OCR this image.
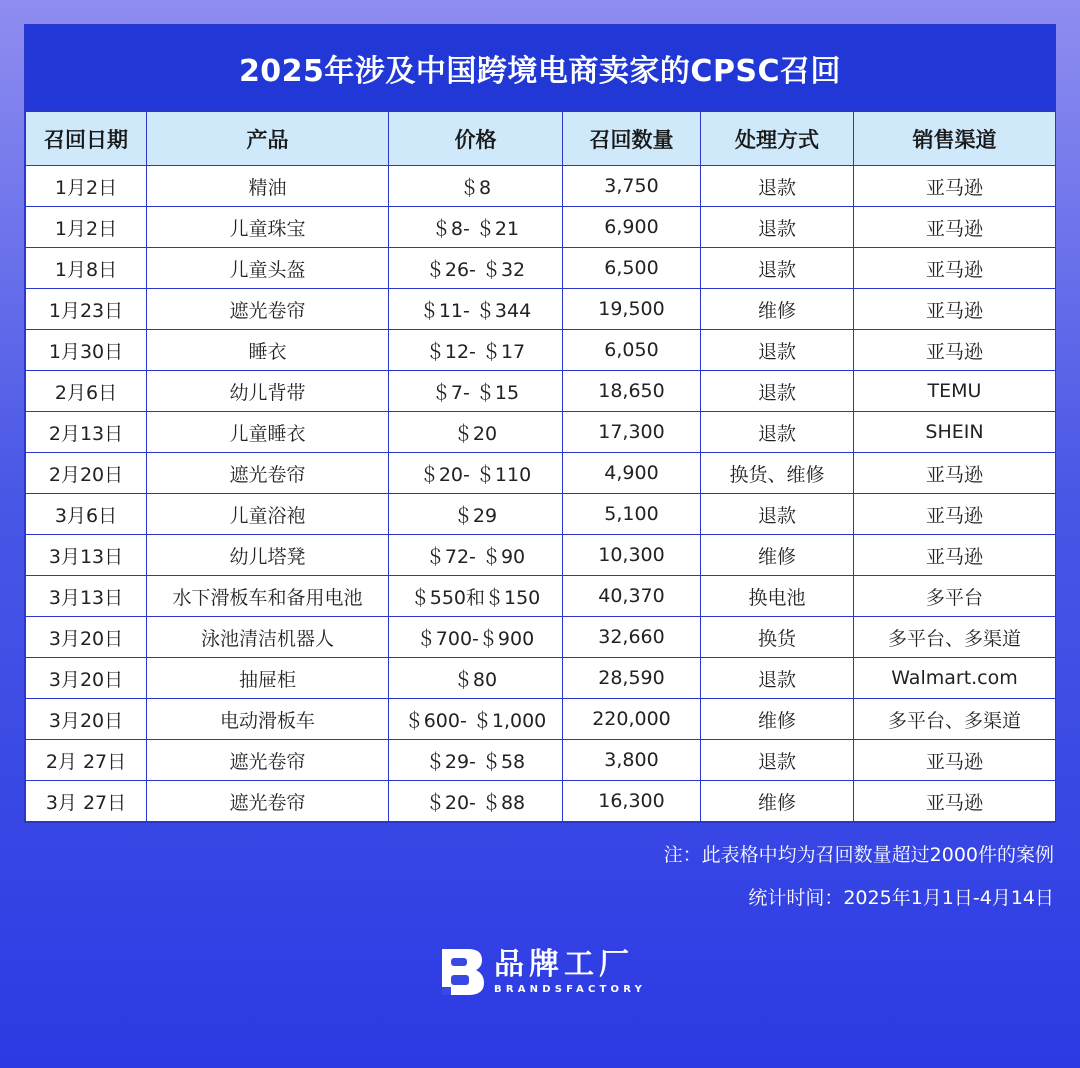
2025年涉及中国跨境电商卖家的CPSC召回
召回日期	产品	价格	召回数量	处理方式	销售渠道
1月2日	精油	＄8	3,750	退款	亚马逊
1月2日	儿童珠宝	＄8- ＄21	6,900	退款	亚马逊
1月8日	儿童头盔	＄26- ＄32	6,500	退款	亚马逊
1月23日	遮光卷帘	＄11- ＄344	19,500	维修	亚马逊
1月30日	睡衣	＄12- ＄17	6,050	退款	亚马逊
2月6日	幼儿背带	＄7- ＄15	18,650	退款	TEMU
2月13日	儿童睡衣	＄20	17,300	退款	SHEIN
2月20日	遮光卷帘	＄20- ＄110	4,900	换货、维修	亚马逊
3月6日	儿童浴袍	＄29	5,100	退款	亚马逊
3月13日	幼儿塔凳	＄72- ＄90	10,300	维修	亚马逊
3月13日	水下滑板车和备用电池	＄550和＄150	40,370	换电池	多平台
3月20日	泳池清洁机器人	＄700-＄900	32,660	换货	多平台、多渠道
3月20日	抽屉柜	＄80	28,590	退款	Walmart.com
3月20日	电动滑板车	＄600- ＄1,000	220,000	维修	多平台、多渠道
2月 27日	遮光卷帘	＄29- ＄58	3,800	退款	亚马逊
3月 27日	遮光卷帘	＄20- ＄88	16,300	维修	亚马逊
注：此表格中均为召回数量超过2000件的案例
统计时间：2025年1月1日-4月14日
品牌工厂
BRANDSFACTORY
